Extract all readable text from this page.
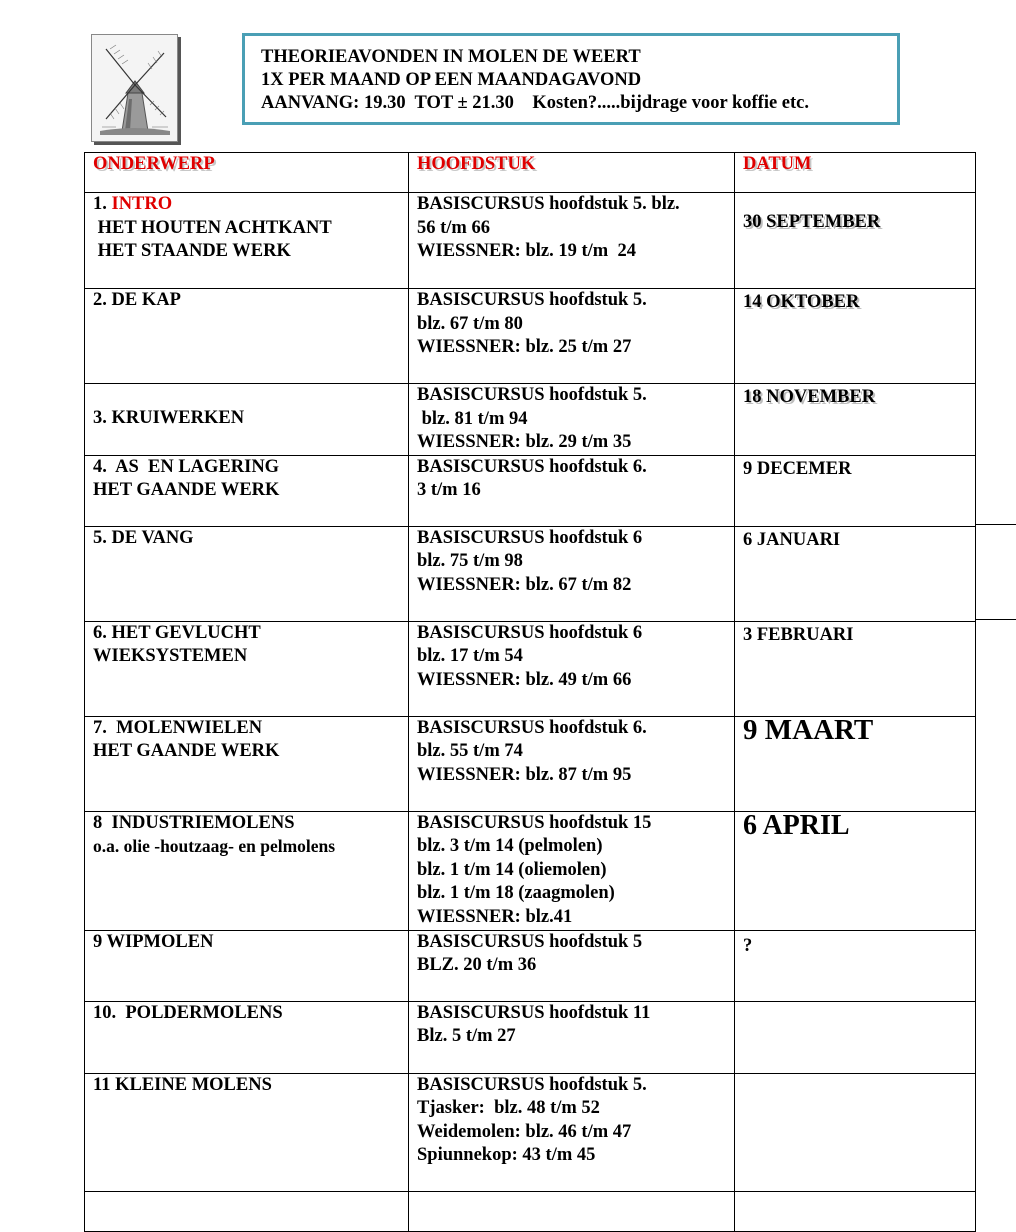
THEORIEAVONDEN IN MOLEN DE WEERT
1X PER MAAND OP EEN MAANDAGAVOND
AANVANG: 19.30  TOT ± 21.30    Kosten?.....bijdrage voor koffie etc.
ONDERWERP	HOOFDSTUK	DATUM

1. INTRO
HET HOUTEN ACHTKANT
HET STAANDE WERK	BASISCURSUS hoofdstuk 5. blz.
56 t/m 66
WIESSNER: blz. 19 t/m  24	30 SEPTEMBER

2. DE KAP	BASISCURSUS hoofdstuk 5.
blz. 67 t/m 80
WIESSNER: blz. 25 t/m 27	14 OKTOBER

3. KRUIWERKEN	BASISCURSUS hoofdstuk 5.
blz. 81 t/m 94
WIESSNER: blz. 29 t/m 35	18 NOVEMBER

4.  AS  EN LAGERING
HET GAANDE WERK	BASISCURSUS hoofdstuk 6.
3 t/m 16	9 DECEMER

5. DE VANG	BASISCURSUS hoofdstuk 6
blz. 75 t/m 98
WIESSNER: blz. 67 t/m 82	6 JANUARI

6. HET GEVLUCHT
WIEKSYSTEMEN	BASISCURSUS hoofdstuk 6
blz. 17 t/m 54
WIESSNER: blz. 49 t/m 66	3 FEBRUARI

7.  MOLENWIELEN
HET GAANDE WERK	BASISCURSUS hoofdstuk 6.
blz. 55 t/m 74
WIESSNER: blz. 87 t/m 95	9 MAART

8  INDUSTRIEMOLENS
o.a. olie -houtzaag- en pelmolens	BASISCURSUS hoofdstuk 15
blz. 3 t/m 14 (pelmolen)
blz. 1 t/m 14 (oliemolen)
blz. 1 t/m 18 (zaagmolen)
WIESSNER: blz.41	6 APRIL

9 WIPMOLEN	BASISCURSUS hoofdstuk 5
BLZ. 20 t/m 36	?

10.  POLDERMOLENS	BASISCURSUS hoofdstuk 11
Blz. 5 t/m 27	

11 KLEINE MOLENS	BASISCURSUS hoofdstuk 5.
Tjasker:  blz. 48 t/m 52
Weidemolen: blz. 46 t/m 47
Spiunnekop: 43 t/m 45	
